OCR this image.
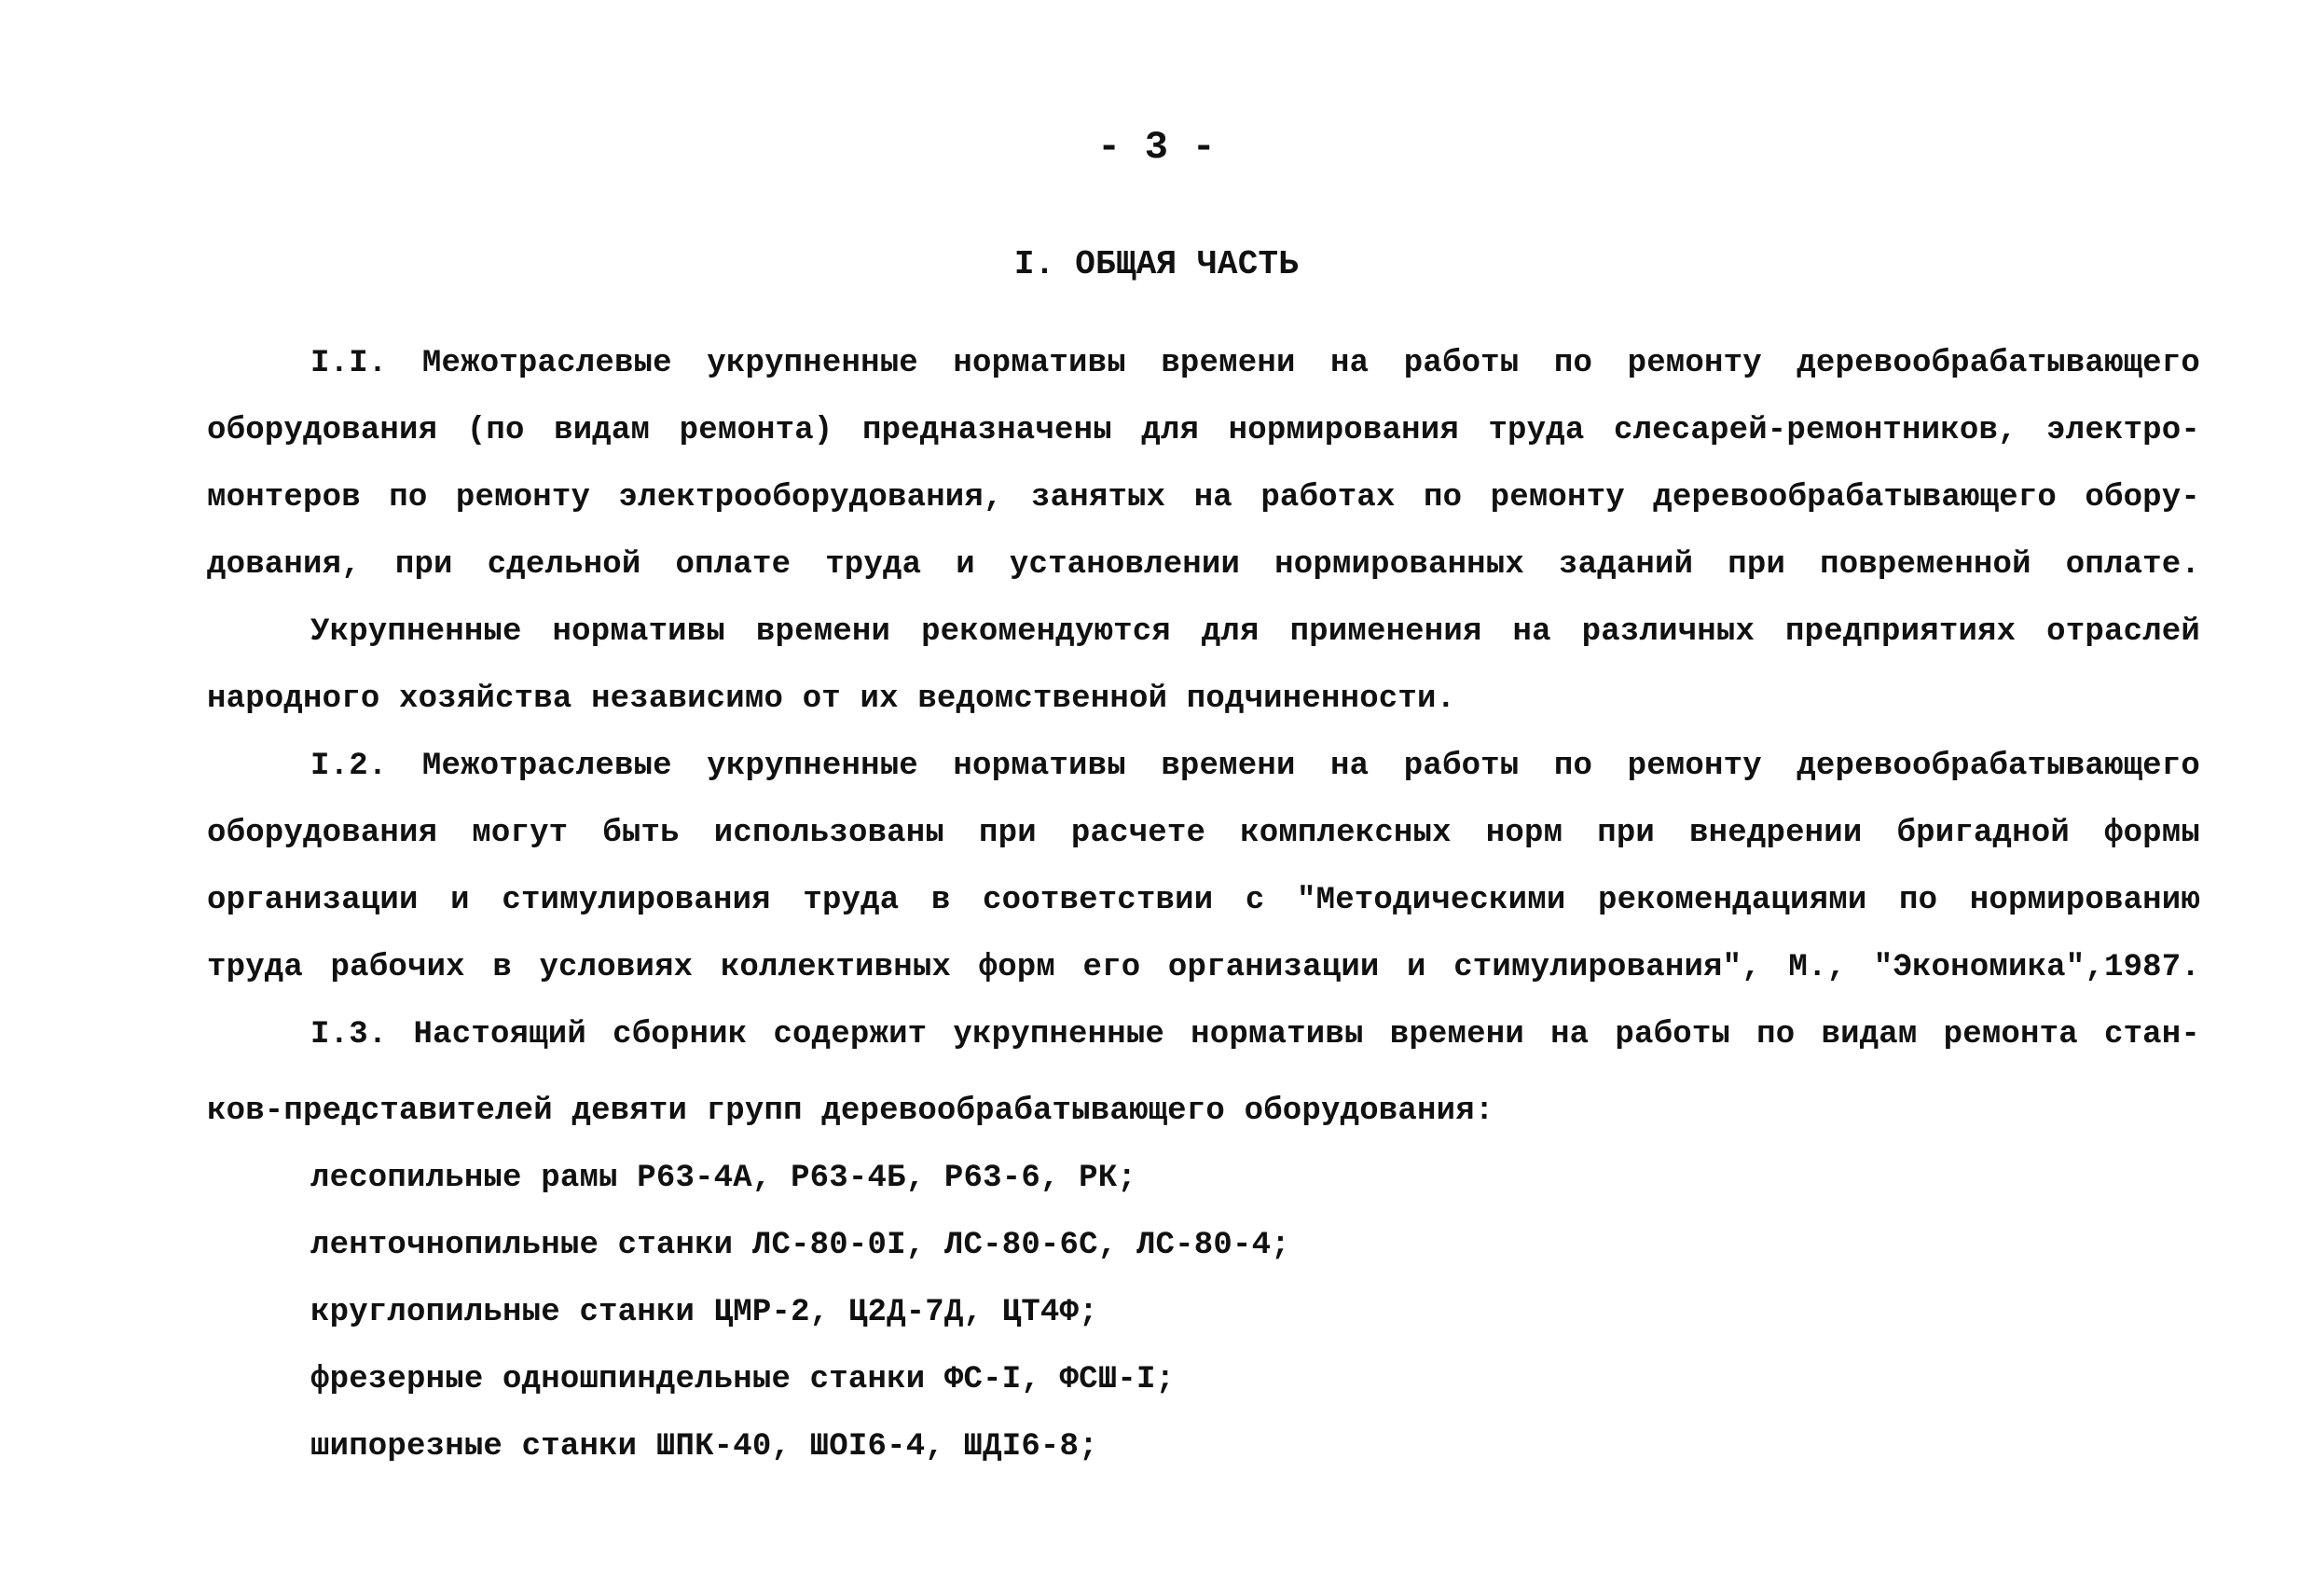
- 3 -
I. ОБЩАЯ ЧАСТЬ
I.I. Межотраслевые укрупненные нормативы времени на работы по ремонту деревообрабатывающего
оборудования (по видам ремонта) предназначены для нормирования труда слесарей-ремонтников, электро-
монтеров по ремонту электрооборудования, занятых на работах по ремонту деревообрабатывающего обору-
дования, при сдельной оплате труда и установлении нормированных заданий при повременной оплате.
Укрупненные нормативы времени рекомендуются для применения на различных предприятиях отраслей
народного хозяйства независимо от их ведомственной подчиненности.
I.2. Межотраслевые укрупненные нормативы времени на работы по ремонту деревообрабатывающего
оборудования могут быть использованы при расчете комплексных норм при внедрении бригадной формы
организации и стимулирования труда в соответствии с "Методическими рекомендациями по нормированию
труда рабочих в условиях коллективных форм его организации и стимулирования", М., "Экономика",1987.
I.3. Настоящий сборник содержит укрупненные нормативы времени на работы по видам ремонта стан-
ков-представителей девяти групп деревообрабатывающего оборудования:
лесопильные рамы Р63-4А, Р63-4Б, Р63-6, РК;
ленточнопильные станки ЛС-80-0I, ЛС-80-6С, ЛС-80-4;
круглопильные станки ЦМР-2, Ц2Д-7Д, ЦТ4Ф;
фрезерные одношпиндельные станки ФС-I, ФСШ-I;
шипорезные станки ШПК-40, ШОI6-4, ШДI6-8;
